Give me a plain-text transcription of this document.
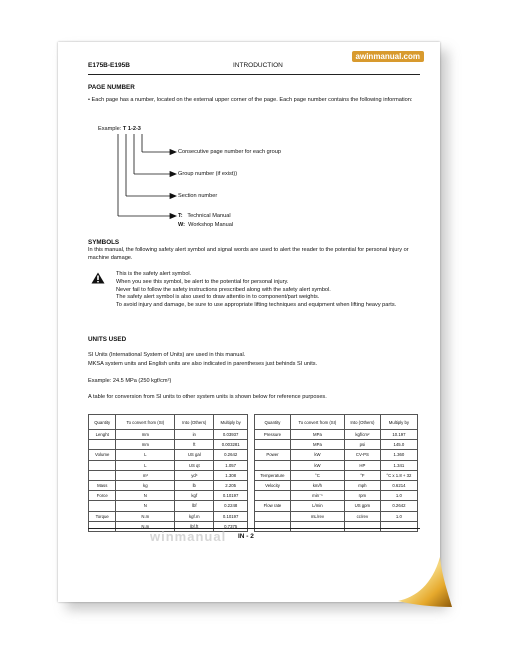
awinmanual.com
E175B-E195B	INTRODUCTION
PAGE NUMBER
• Each page has a number, located on the external upper corner of the page. Each page number contains the following information:
Example: T 1-2-3
Consecutive page number for each group
Group number (if exist))
Section number
T: Technical Manual
W: Workshop Manual
SYMBOLS
In this manual, the following safety alert symbol and signal words are used to alert the reader to the potential for personal injury or machine damage.
This is the safety alert symbol.
When you see this symbol, be alert to the potential for personal injury.
Never fail to follow the safety instructions prescribed along with the safety alert symbol.
The safety alert symbol is also used to draw attentio in to component/part weights.
To avoid injury and damage, be sure to use appropriate lifting techniques and equipment when lifting heavy parts.
UNITS USED
SI Units (International System of Units) are used in this manual.
MKSA system units and English units are also indicated in parentheses just behinds SI units.
Example: 24.5 MPa (250 kgf/cm²)
A table for conversion from SI units to other system units is shown below for reference purposes.
Quantity	To convert from (SI)	Into (Others)	Multiply by
Lenght	mm	in	0.03937
	mm	ft	0.003281
Volume	L	US gal	0.2642
	L	US qt	1.057
	m³	yd³	1.308
Mass	kg	lb	2.205
Force	N	kgf	0.10197
	N	lbf	0.2248
Torque	N.m	kgf.m	0.10197
	N.m	lbf.ft	0.7375
Quantity	To convert from (SI)	Into (Others)	Multiply by
Pressure	MPa	kgf/cm²	10.197
	MPa	psi	145.0
Power	kW	CV-PS	1.360
	kW	HP	1.341
Temperature	°C	°F	°C x 1.8 + 32
Velocity	km/h	mph	0.6214
	min⁻¹	rpm	1.0
Flow rate	L/min	US gpm	0.2642
	mL/rev	cc/rev	1.0

winmanual IN - 2
